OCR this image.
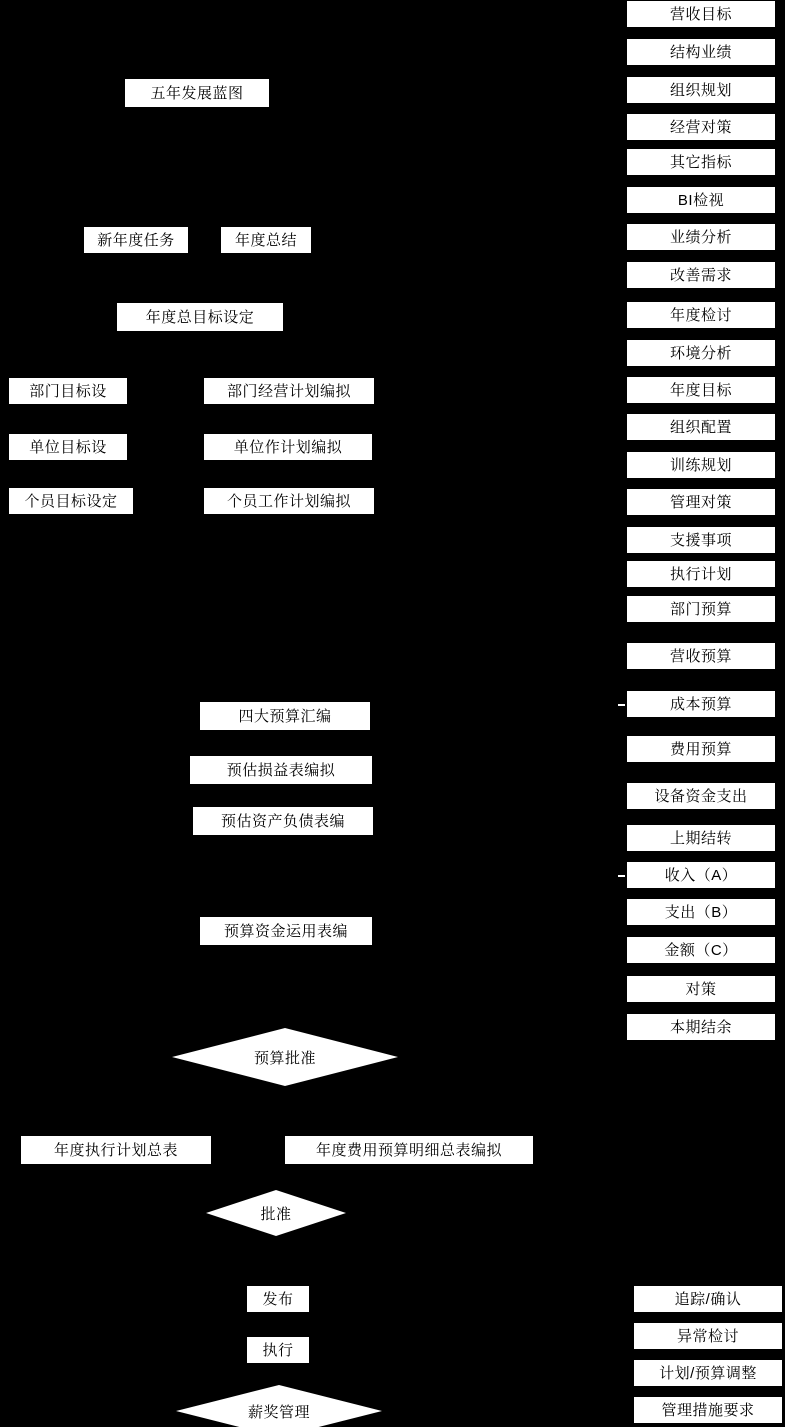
五年发展蓝图
新年度任务	年度总结
年度总目标设定
部门目标设	部门经营计划编拟
单位目标设	单位作计划编拟
个员目标设定	个员工作计划编拟
四大预算汇编
预估损益表编拟
预估资产负债表编
预算资金运用表编
年度执行计划总表	年度费用预算明细总表编拟
发布
执行
预算批准
批准
薪奖管理
营收目标
结构业绩
组织规划
经营对策
其它指标
BI检视
业绩分析
改善需求
年度检讨
环境分析
年度目标
组织配置
训练规划
管理对策
支援事项
执行计划
部门预算
营收预算
成本预算
费用预算
设备资金支出
上期结转
收入（A）
支出（B）
金额（C）
对策
本期结余
追踪/确认
异常检讨
计划/预算调整
管理措施要求
